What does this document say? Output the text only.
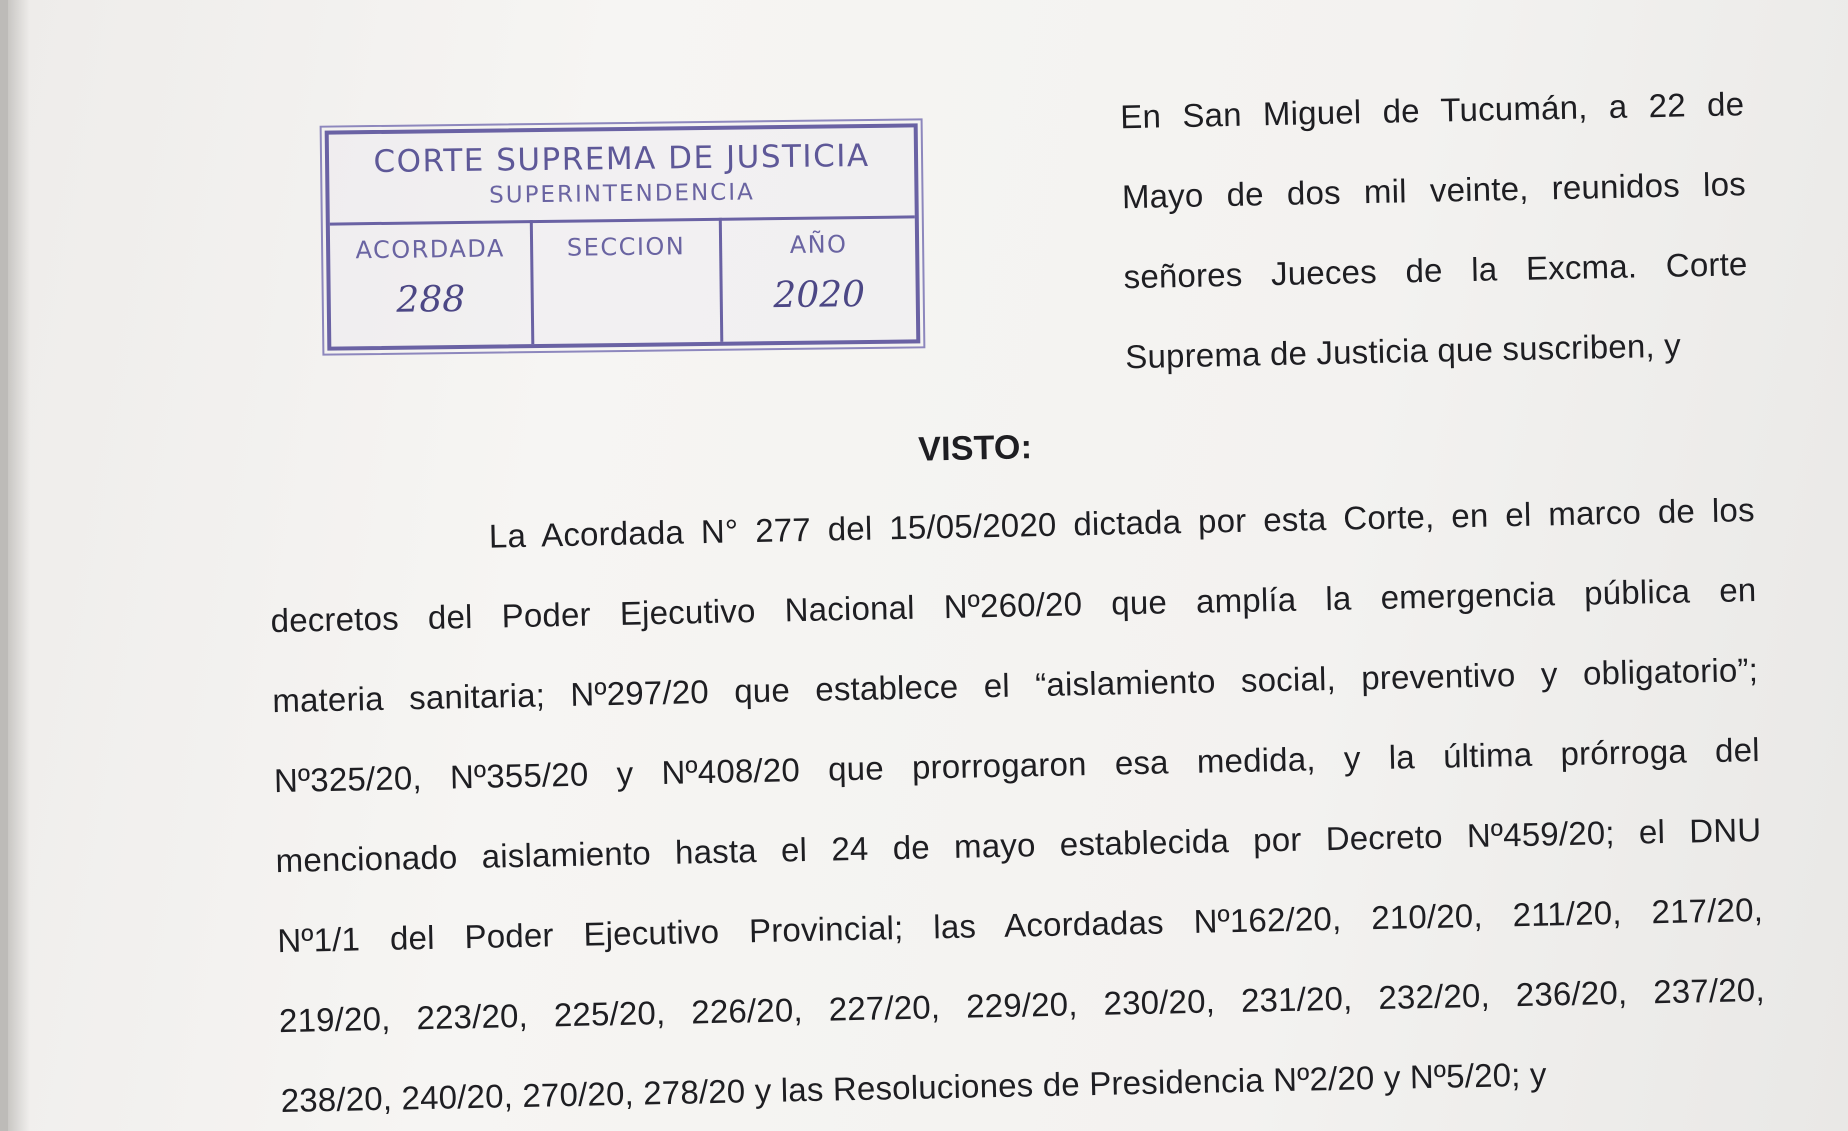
CORTE SUPREMA DE JUSTICIA
SUPERINTENDENCIA
ACORDADA
288
SECCION	AÑO
2020
En San Miguel de Tucumán, a 22 de
Mayo de dos mil veinte, reunidos los
señores Jueces de la Excma. Corte
Suprema de Justicia que suscriben, y
VISTO:
La Acordada N° 277 del 15/05/2020 dictada por esta Corte, en el marco de los
decretos del Poder Ejecutivo Nacional Nº260/20 que amplía la emergencia pública en
materia sanitaria; Nº297/20 que establece el “aislamiento social, preventivo y obligatorio”;
Nº325/20, Nº355/20 y Nº408/20 que prorrogaron esa medida, y la última prórroga del
mencionado aislamiento hasta el 24 de mayo establecida por Decreto Nº459/20; el DNU
Nº1/1 del Poder Ejecutivo Provincial; las Acordadas Nº162/20, 210/20, 211/20, 217/20,
219/20, 223/20, 225/20, 226/20, 227/20, 229/20, 230/20, 231/20, 232/20, 236/20, 237/20,
238/20, 240/20, 270/20, 278/20 y las Resoluciones de Presidencia Nº2/20 y Nº5/20; y
